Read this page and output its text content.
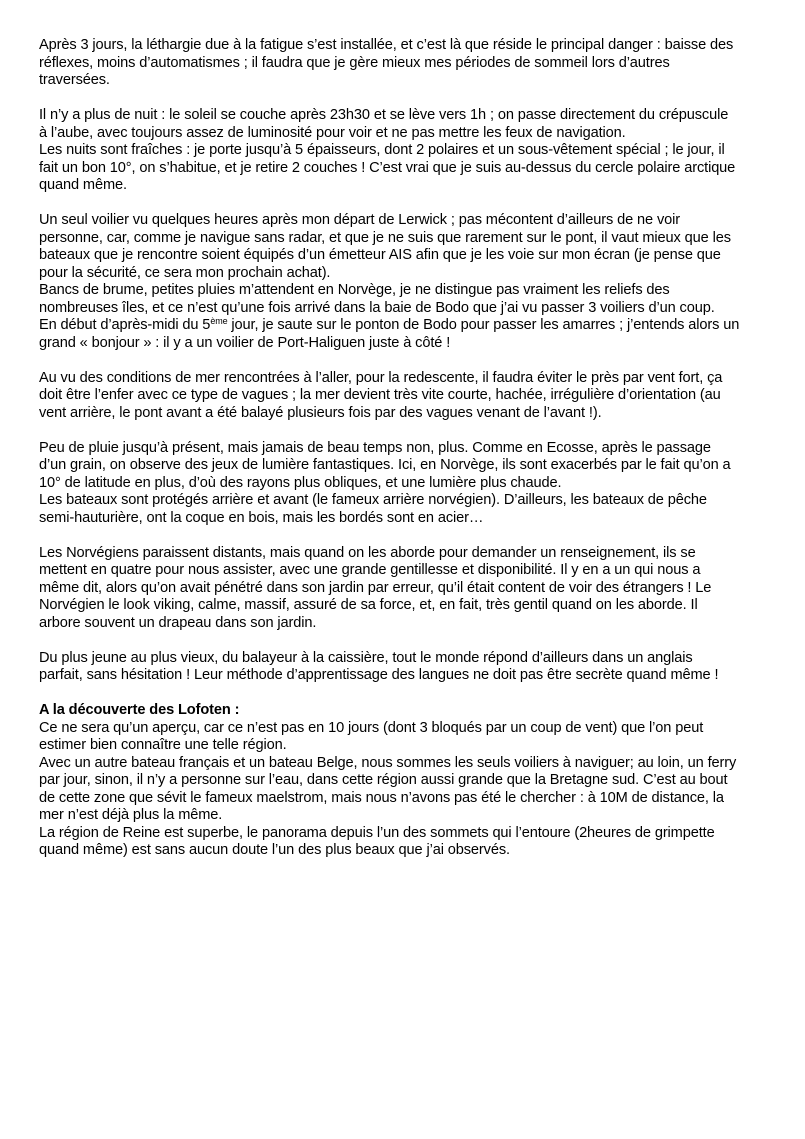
Après 3 jours, la léthargie due à la fatigue s’est installée, et c’est là que réside le principal danger : baisse des
réflexes, moins d’automatismes ; il faudra que je gère mieux mes périodes de sommeil lors d’autres
traversées.

Il n’y a plus de nuit : le soleil se couche après 23h30 et se lève vers 1h ; on passe directement du crépuscule
à l’aube, avec toujours assez de luminosité pour voir et ne pas mettre les feux de navigation.
Les nuits sont fraîches : je porte jusqu’à 5 épaisseurs, dont 2 polaires et un sous-vêtement spécial ; le jour, il
fait un bon 10°, on s’habitue, et je retire 2 couches ! C’est vrai que je suis au-dessus du cercle polaire arctique
quand même.

Un seul voilier vu quelques heures après mon départ de Lerwick ; pas mécontent d’ailleurs de ne voir
personne, car, comme je navigue sans radar, et que je ne suis que rarement sur le pont, il vaut mieux que les
bateaux que je rencontre soient équipés d’un émetteur AIS afin que je les voie sur mon écran (je pense que
pour la sécurité, ce sera mon prochain achat).
Bancs de brume, petites pluies m’attendent en Norvège, je ne distingue pas vraiment les reliefs des
nombreuses îles, et ce n’est qu’une fois arrivé dans la baie de Bodo que j’ai vu passer 3 voiliers d’un coup.
En début d’après-midi du 5ème jour, je saute sur le ponton de Bodo pour passer les amarres ; j’entends alors un
grand « bonjour » : il y a un voilier de Port-Haliguen juste à côté !

Au vu des conditions de mer rencontrées à l’aller, pour la redescente, il faudra éviter le près par vent fort, ça
doit être l’enfer avec ce type de vagues ; la mer devient très vite courte, hachée, irrégulière d’orientation (au
vent arrière, le pont avant a été balayé plusieurs fois par des vagues venant de l’avant !).

Peu de pluie jusqu’à présent, mais jamais de beau temps non, plus. Comme en Ecosse, après le passage
d’un grain, on observe des jeux de lumière fantastiques. Ici, en Norvège, ils sont exacerbés par le fait qu’on a
10° de latitude en plus, d’où des rayons plus obliques, et une lumière plus chaude.
Les bateaux sont protégés arrière et avant (le fameux arrière norvégien). D’ailleurs, les bateaux de pêche
semi-hauturière, ont la coque en bois, mais les bordés sont en acier…

Les Norvégiens paraissent distants, mais quand on les aborde pour demander un renseignement, ils se
mettent en quatre pour nous assister, avec une grande gentillesse et disponibilité. Il y en a un qui nous a
même dit, alors qu’on avait pénétré dans son jardin par erreur, qu’il était content de voir des étrangers ! Le
Norvégien le look viking, calme, massif, assuré de sa force, et, en fait, très gentil quand on les aborde. Il
arbore souvent un drapeau dans son jardin.

Du plus jeune au plus vieux, du balayeur à la caissière, tout le monde répond d’ailleurs dans un anglais
parfait, sans hésitation ! Leur méthode d’apprentissage des langues ne doit pas être secrète quand même !

A la découverte des Lofoten :
Ce ne sera qu’un aperçu, car ce n’est pas en 10 jours (dont 3 bloqués par un coup de vent) que l’on peut
estimer bien connaître une telle région.
Avec un autre bateau français et un bateau Belge, nous sommes les seuls voiliers à naviguer; au loin, un ferry
par jour, sinon, il n’y a personne sur l’eau, dans cette région aussi grande que la Bretagne sud. C’est au bout
de cette zone que sévit le fameux maelstrom, mais nous n’avons pas été le chercher : à 10M de distance, la
mer n’est déjà plus la même.
La région de Reine est superbe, le panorama depuis l’un des sommets qui l’entoure (2heures de grimpette
quand même) est sans aucun doute l’un des plus beaux que j’ai observés.
